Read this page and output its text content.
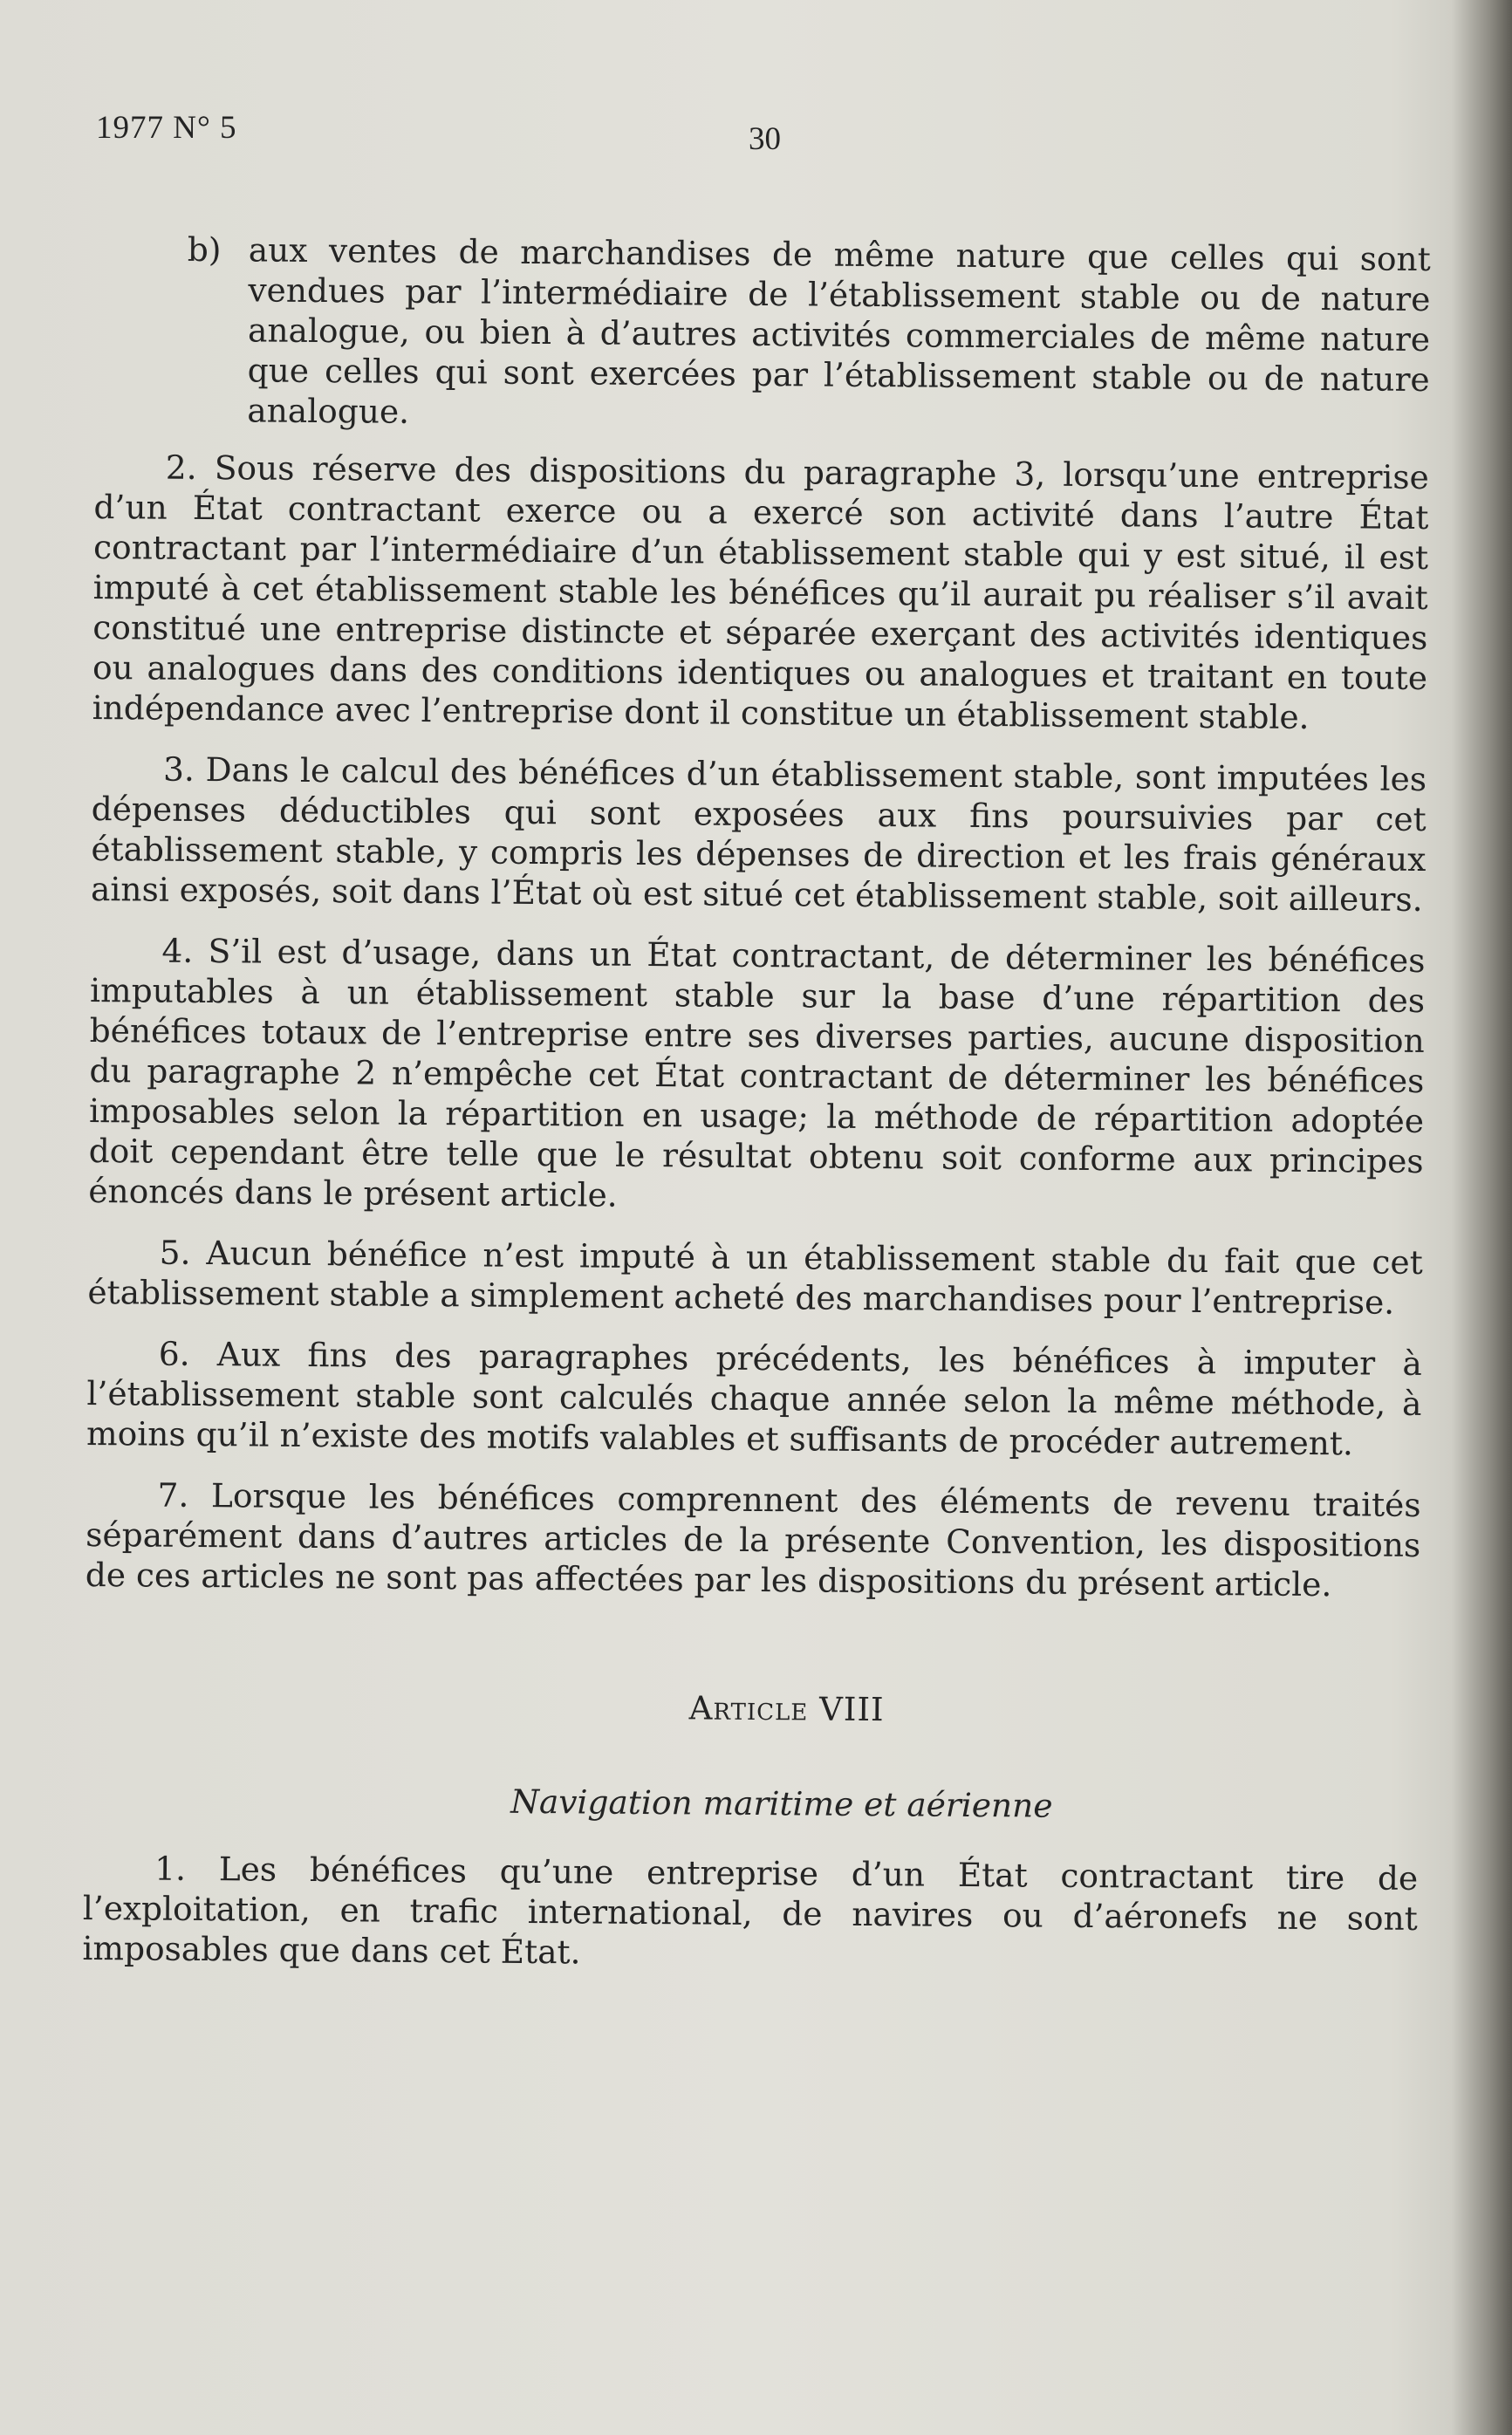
1977 N° 5	30
b) aux ventes de marchandises de même nature que celles qui sont vendues par l’intermédiaire de l’établissement stable ou de nature analogue, ou bien à d’autres activités commerciales de même nature que celles qui sont exercées par l’établissement stable ou de nature analogue.

2. Sous réserve des dispositions du paragraphe 3, lorsqu’une entreprise d’un État contractant exerce ou a exercé son activité dans l’autre État contractant par l’intermédiaire d’un établissement stable qui y est situé, il est imputé à cet établissement stable les bénéfices qu’il aurait pu réaliser s’il avait constitué une entreprise distincte et séparée exerçant des activités identiques ou analogues dans des conditions identiques ou analogues et traitant en toute indépendance avec l’entreprise dont il constitue un établissement stable.

3. Dans le calcul des bénéfices d’un établissement stable, sont imputées les dépenses déductibles qui sont exposées aux fins poursuivies par cet établissement stable, y compris les dépenses de direction et les frais généraux ainsi exposés, soit dans l’État où est situé cet établissement stable, soit ailleurs.

4. S’il est d’usage, dans un État contractant, de déterminer les bénéfices imputables à un établissement stable sur la base d’une répartition des bénéfices totaux de l’entreprise entre ses diverses parties, aucune disposition du paragraphe 2 n’empêche cet État contractant de déterminer les bénéfices imposables selon la répartition en usage; la méthode de répartition adoptée doit cependant être telle que le résultat obtenu soit conforme aux principes énoncés dans le présent article.

5. Aucun bénéfice n’est imputé à un établissement stable du fait que cet établissement stable a simplement acheté des marchandises pour l’entreprise.

6. Aux fins des paragraphes précédents, les bénéfices à imputer à l’établissement stable sont calculés chaque année selon la même méthode, à moins qu’il n’existe des motifs valables et suffisants de procéder autrement.

7. Lorsque les bénéfices comprennent des éléments de revenu traités séparément dans d’autres articles de la présente Convention, les dispositions de ces articles ne sont pas affectées par les dispositions du présent article.

Article VIII
Navigation maritime et aérienne

1. Les bénéfices qu’une entreprise d’un État contractant tire de l’exploitation, en trafic international, de navires ou d’aéronefs ne sont imposables que dans cet État.
